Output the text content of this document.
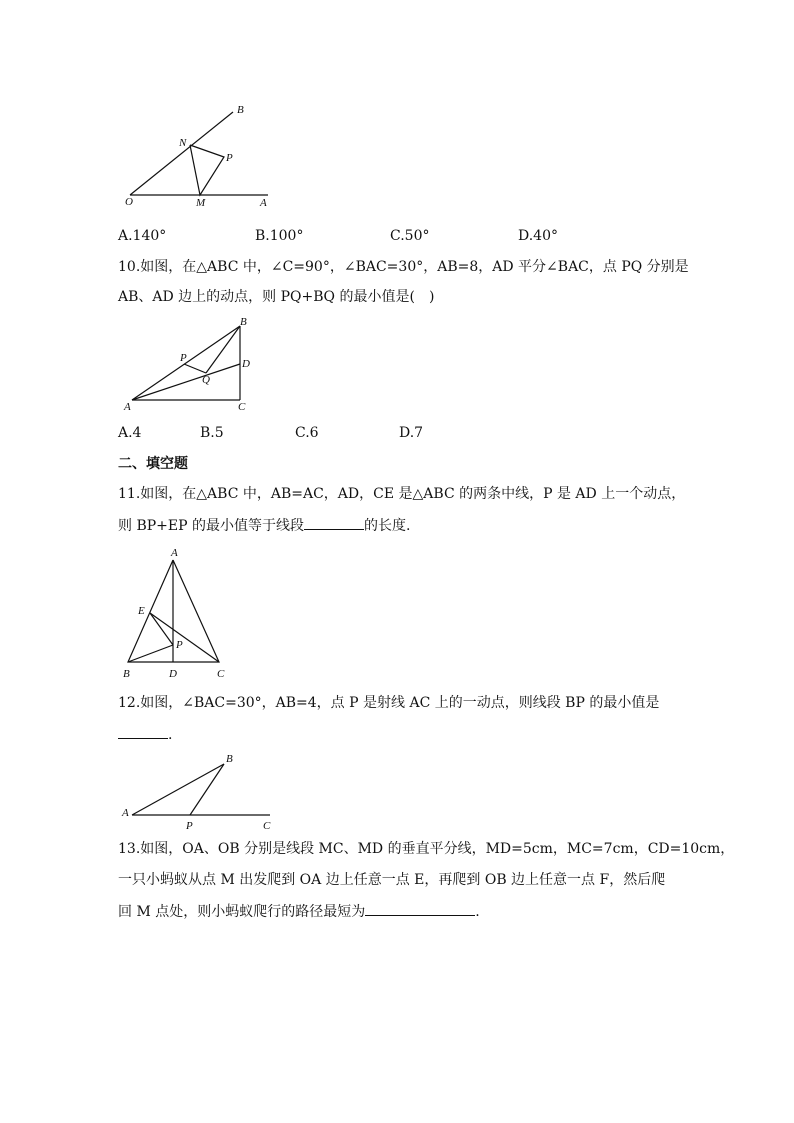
B
N
P
O	M	A
A.140°	B.100°	C.50°	D.40°
10.如图，在△ABC 中，∠C=90°，∠BAC=30°，AB=8，AD 平分∠BAC，点 PQ 分别是
AB、AD 边上的动点，则 PQ+BQ 的最小值是(　)
B
P	D
Q
A	C
A.4	B.5	C.6	D.7
二、填空题
11.如图，在△ABC 中，AB=AC，AD，CE 是△ABC 的两条中线，P 是 AD 上一个动点，
则 BP+EP 的最小值等于线段	的长度.
A
E
P
B	D	C
12.如图，∠BAC=30°，AB=4，点 P 是射线 AC 上的一动点，则线段 BP 的最小值是
.
B
A
P	C
13.如图，OA、OB 分别是线段 MC、MD 的垂直平分线，MD=5cm，MC=7cm，CD=10cm，
一只小蚂蚁从点 M 出发爬到 OA 边上任意一点 E，再爬到 OB 边上任意一点 F，然后爬
回 M 点处，则小蚂蚁爬行的路径最短为	.
